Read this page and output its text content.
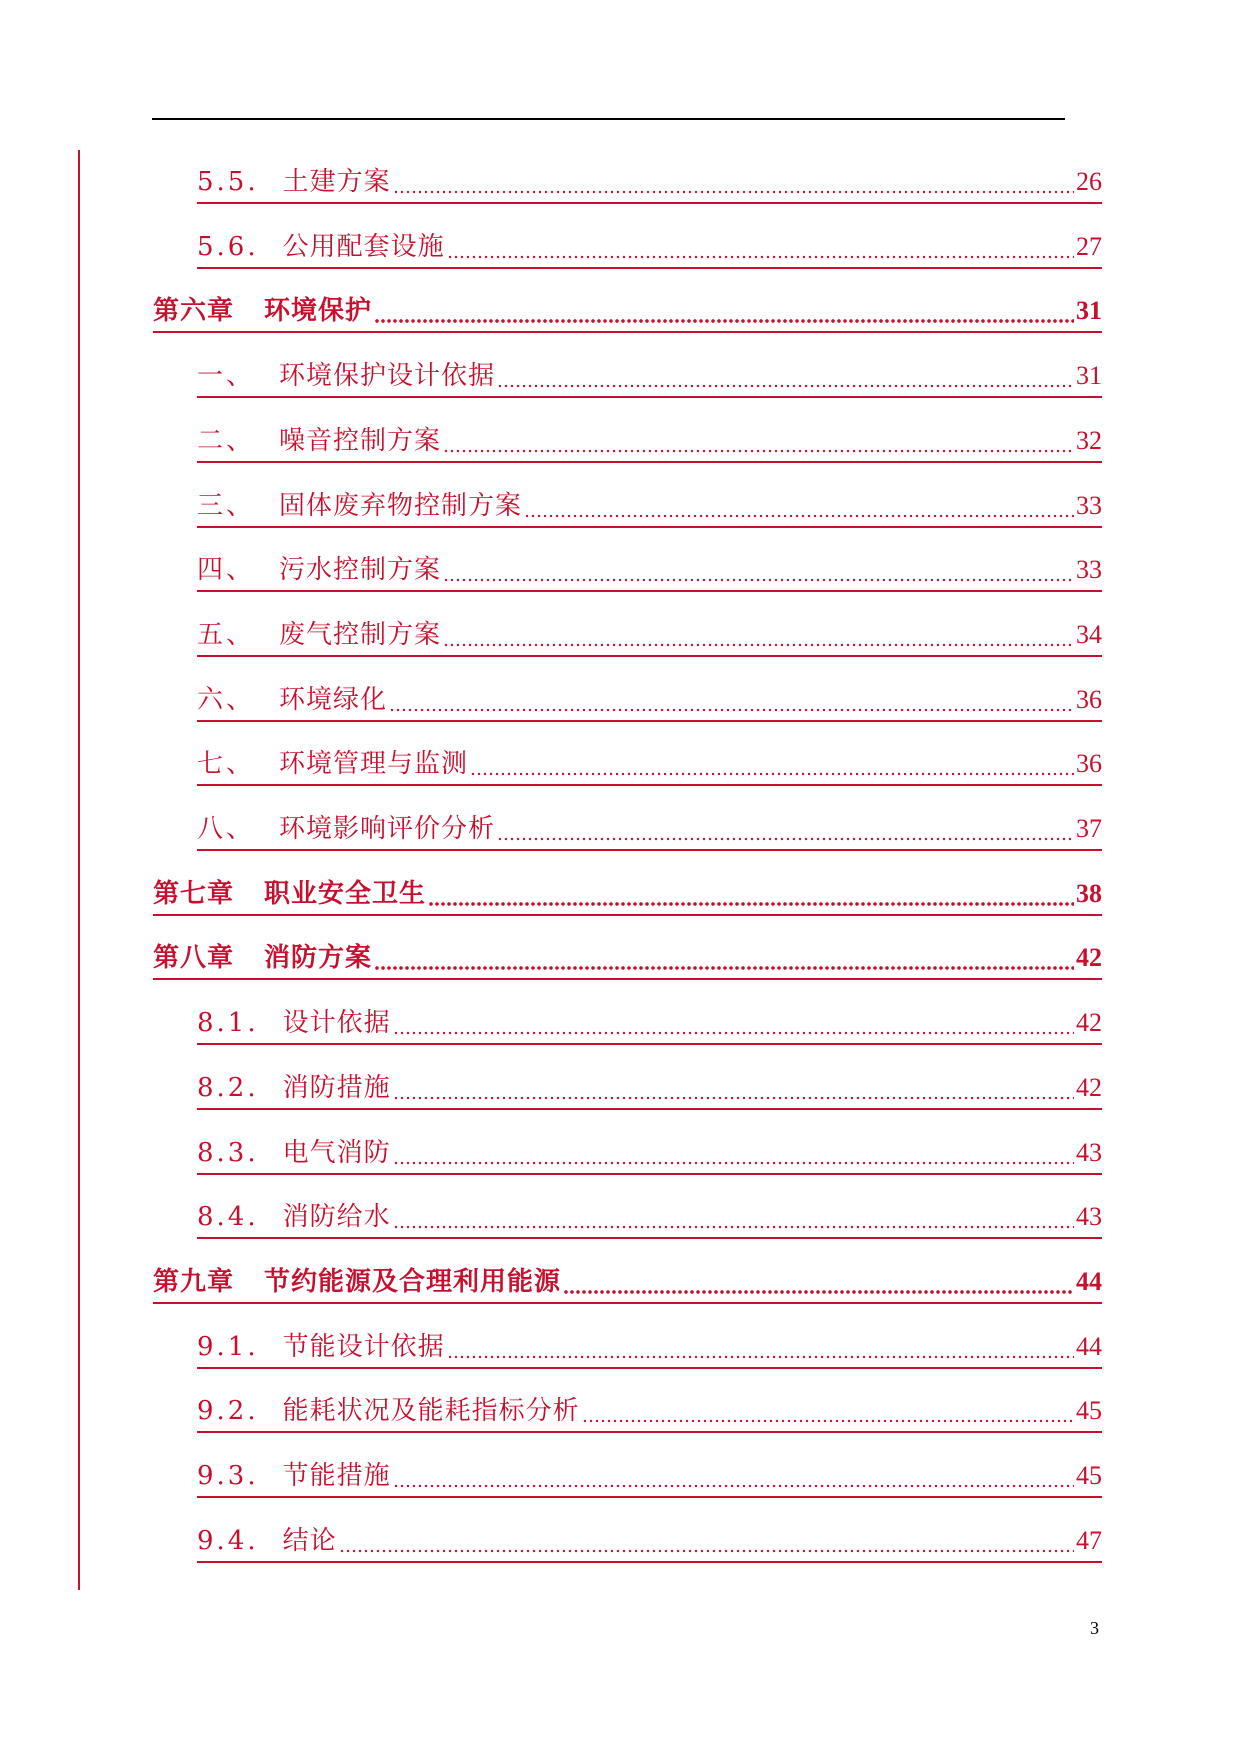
5.5. 土建方案	26
5.6. 公用配套设施	27
第六章	环境保护	31
一、 环境保护设计依据	31
二、 噪音控制方案	32
三、 固体废弃物控制方案	33
四、 污水控制方案	33
五、 废气控制方案	34
六、 环境绿化	36
七、 环境管理与监测	36
八、 环境影响评价分析	37
第七章	职业安全卫生	38
第八章	消防方案	42
8.1. 设计依据	42
8.2. 消防措施	42
8.3. 电气消防	43
8.4. 消防给水	43
第九章	节约能源及合理利用能源	44
9.1. 节能设计依据	44
9.2. 能耗状况及能耗指标分析	45
9.3. 节能措施	45
9.4. 结论	47
3
